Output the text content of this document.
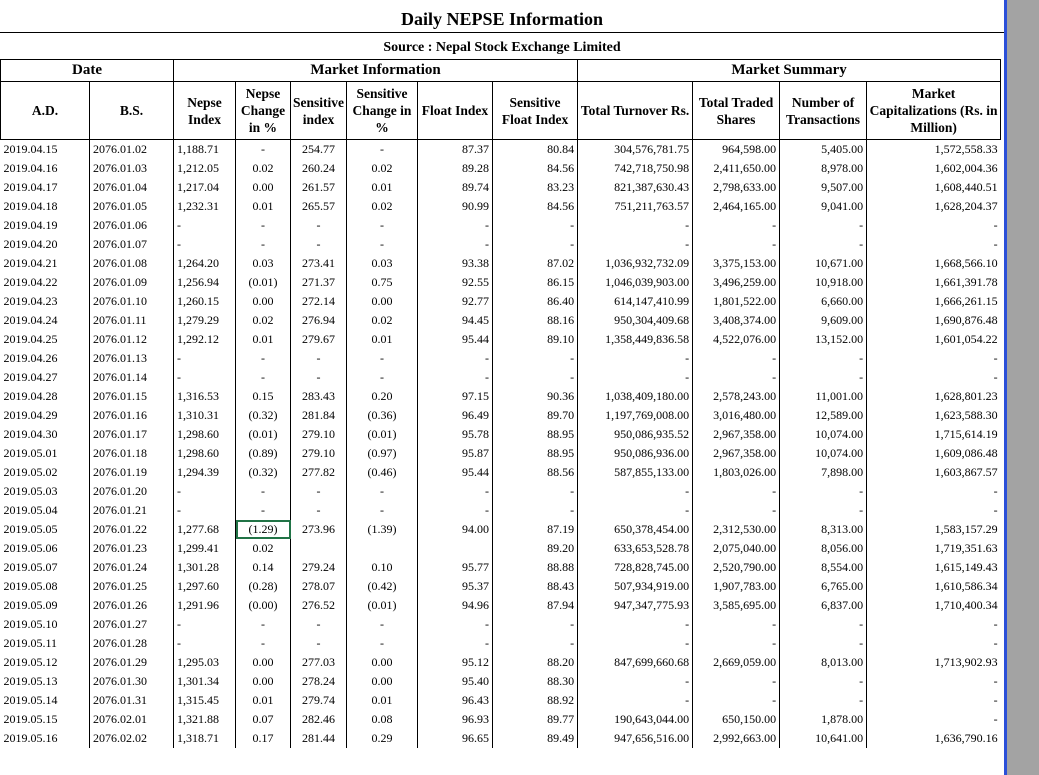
Daily NEPSE Information
Source : Nepal Stock Exchange Limited
Date		Market Information						Market Summary			
A.D.	B.S.	Nepse Index	Nepse Change in %	Sensitive index	Sensitive Change in %	Float Index	Sensitive Float Index	Total Turnover Rs.	Total Traded Shares	Number of Transactions	Market Capitalizations (Rs. in Million)
2019.04.15	2076.01.02	1,188.71	-	254.77	-	87.37	80.84	304,576,781.75	964,598.00	5,405.00	1,572,558.33
2019.04.16	2076.01.03	1,212.05	0.02	260.24	0.02	89.28	84.56	742,718,750.98	2,411,650.00	8,978.00	1,602,004.36
2019.04.17	2076.01.04	1,217.04	0.00	261.57	0.01	89.74	83.23	821,387,630.43	2,798,633.00	9,507.00	1,608,440.51
2019.04.18	2076.01.05	1,232.31	0.01	265.57	0.02	90.99	84.56	751,211,763.57	2,464,165.00	9,041.00	1,628,204.37
2019.04.19	2076.01.06	-	-	-	-	-	-	-	-	-	-
2019.04.20	2076.01.07	-	-	-	-	-	-	-	-	-	-
2019.04.21	2076.01.08	1,264.20	0.03	273.41	0.03	93.38	87.02	1,036,932,732.09	3,375,153.00	10,671.00	1,668,566.10
2019.04.22	2076.01.09	1,256.94	(0.01)	271.37	0.75	92.55	86.15	1,046,039,903.00	3,496,259.00	10,918.00	1,661,391.78
2019.04.23	2076.01.10	1,260.15	0.00	272.14	0.00	92.77	86.40	614,147,410.99	1,801,522.00	6,660.00	1,666,261.15
2019.04.24	2076.01.11	1,279.29	0.02	276.94	0.02	94.45	88.16	950,304,409.68	3,408,374.00	9,609.00	1,690,876.48
2019.04.25	2076.01.12	1,292.12	0.01	279.67	0.01	95.44	89.10	1,358,449,836.58	4,522,076.00	13,152.00	1,601,054.22
2019.04.26	2076.01.13	-	-	-	-	-	-	-	-	-	-
2019.04.27	2076.01.14	-	-	-	-	-	-	-	-	-	-
2019.04.28	2076.01.15	1,316.53	0.15	283.43	0.20	97.15	90.36	1,038,409,180.00	2,578,243.00	11,001.00	1,628,801.23
2019.04.29	2076.01.16	1,310.31	(0.32)	281.84	(0.36)	96.49	89.70	1,197,769,008.00	3,016,480.00	12,589.00	1,623,588.30
2019.04.30	2076.01.17	1,298.60	(0.01)	279.10	(0.01)	95.78	88.95	950,086,935.52	2,967,358.00	10,074.00	1,715,614.19
2019.05.01	2076.01.18	1,298.60	(0.89)	279.10	(0.97)	95.87	88.95	950,086,936.00	2,967,358.00	10,074.00	1,609,086.48
2019.05.02	2076.01.19	1,294.39	(0.32)	277.82	(0.46)	95.44	88.56	587,855,133.00	1,803,026.00	7,898.00	1,603,867.57
2019.05.03	2076.01.20	-	-	-	-	-	-	-	-	-	-
2019.05.04	2076.01.21	-	-	-	-	-	-	-	-	-	-
2019.05.05	2076.01.22	1,277.68	(1.29)	273.96	(1.39)	94.00	87.19	650,378,454.00	2,312,530.00	8,313.00	1,583,157.29
2019.05.06	2076.01.23	1,299.41	0.02				89.20	633,653,528.78	2,075,040.00	8,056.00	1,719,351.63
2019.05.07	2076.01.24	1,301.28	0.14	279.24	0.10	95.77	88.88	728,828,745.00	2,520,790.00	8,554.00	1,615,149.43
2019.05.08	2076.01.25	1,297.60	(0.28)	278.07	(0.42)	95.37	88.43	507,934,919.00	1,907,783.00	6,765.00	1,610,586.34
2019.05.09	2076.01.26	1,291.96	(0.00)	276.52	(0.01)	94.96	87.94	947,347,775.93	3,585,695.00	6,837.00	1,710,400.34
2019.05.10	2076.01.27	-	-	-	-	-	-	-	-	-	-
2019.05.11	2076.01.28	-	-	-	-	-	-	-	-	-	-
2019.05.12	2076.01.29	1,295.03	0.00	277.03	0.00	95.12	88.20	847,699,660.68	2,669,059.00	8,013.00	1,713,902.93
2019.05.13	2076.01.30	1,301.34	0.00	278.24	0.00	95.40	88.30	-	-	-	-
2019.05.14	2076.01.31	1,315.45	0.01	279.74	0.01	96.43	88.92	-	-	-	-
2019.05.15	2076.02.01	1,321.88	0.07	282.46	0.08	96.93	89.77	190,643,044.00	650,150.00	1,878.00	-
2019.05.16	2076.02.02	1,318.71	0.17	281.44	0.29	96.65	89.49	947,656,516.00	2,992,663.00	10,641.00	1,636,790.16
